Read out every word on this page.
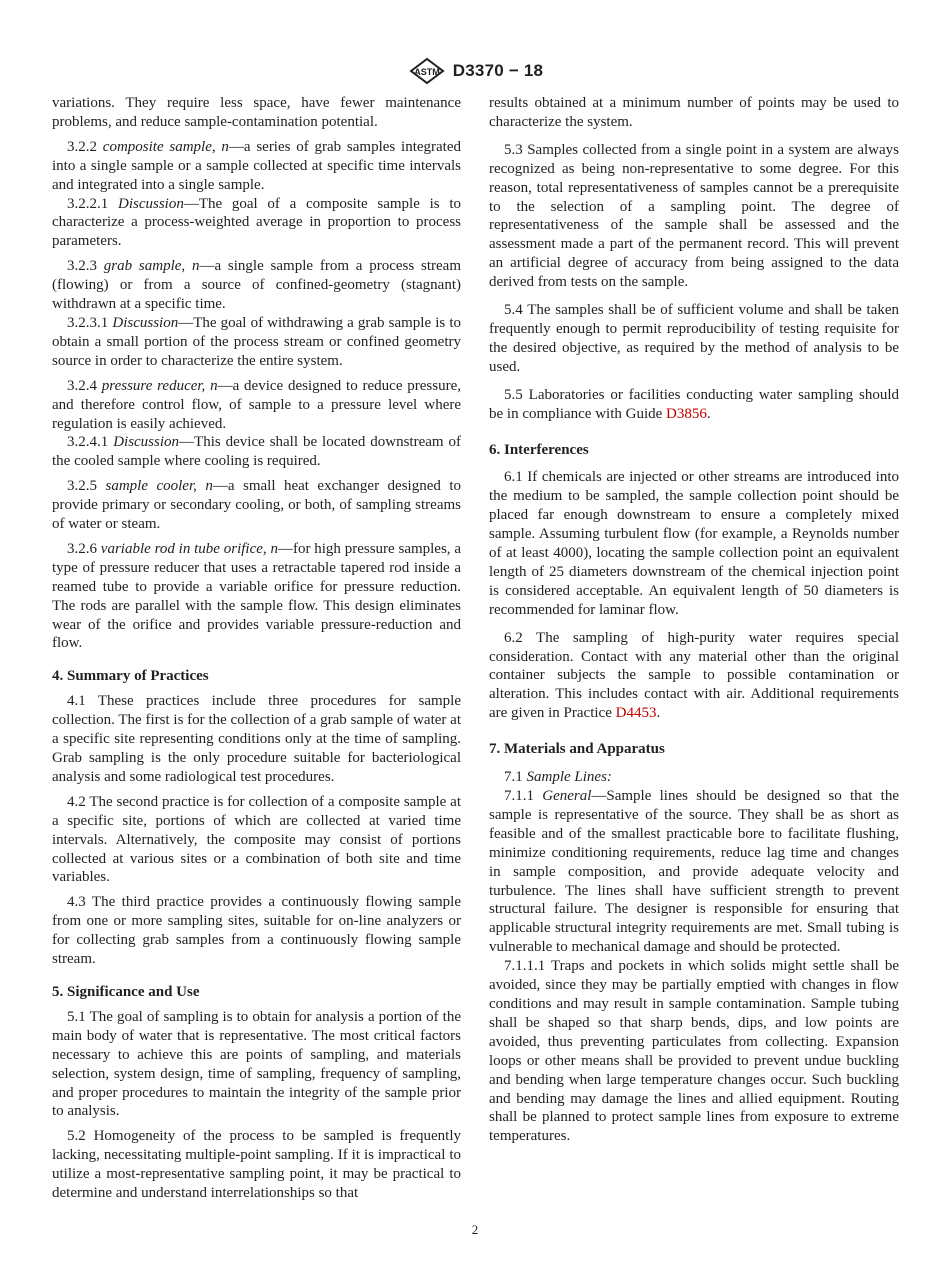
ASTM D3370 − 18

variations. They require less space, have fewer maintenance problems, and reduce sample-contamination potential.

3.2.2 composite sample, n—a series of grab samples integrated into a single sample or a sample collected at specific time intervals and integrated into a single sample.

3.2.2.1 Discussion—The goal of a composite sample is to characterize a process-weighted average in proportion to process parameters.

3.2.3 grab sample, n—a single sample from a process stream (flowing) or from a source of confined-geometry (stagnant) withdrawn at a specific time.

3.2.3.1 Discussion—The goal of withdrawing a grab sample is to obtain a small portion of the process stream or confined geometry source in order to characterize the entire system.

3.2.4 pressure reducer, n—a device designed to reduce pressure, and therefore control flow, of sample to a pressure level where regulation is easily achieved.

3.2.4.1 Discussion—This device shall be located downstream of the cooled sample where cooling is required.

3.2.5 sample cooler, n—a small heat exchanger designed to provide primary or secondary cooling, or both, of sampling streams of water or steam.

3.2.6 variable rod in tube orifice, n—for high pressure samples, a type of pressure reducer that uses a retractable tapered rod inside a reamed tube to provide a variable orifice for pressure reduction. The rods are parallel with the sample flow. This design eliminates wear of the orifice and provides variable pressure-reduction and flow.

4. Summary of Practices

4.1 These practices include three procedures for sample collection. The first is for the collection of a grab sample of water at a specific site representing conditions only at the time of sampling. Grab sampling is the only procedure suitable for bacteriological analysis and some radiological test procedures.

4.2 The second practice is for collection of a composite sample at a specific site, portions of which are collected at varied time intervals. Alternatively, the composite may consist of portions collected at various sites or a combination of both site and time variables.

4.3 The third practice provides a continuously flowing sample from one or more sampling sites, suitable for on-line analyzers or for collecting grab samples from a continuously flowing sample stream.

5. Significance and Use

5.1 The goal of sampling is to obtain for analysis a portion of the main body of water that is representative. The most critical factors necessary to achieve this are points of sampling, and materials selection, system design, time of sampling, frequency of sampling, and proper procedures to maintain the integrity of the sample prior to analysis.

5.2 Homogeneity of the process to be sampled is frequently lacking, necessitating multiple-point sampling. If it is impractical to utilize a most-representative sampling point, it may be practical to determine and understand interrelationships so that

results obtained at a minimum number of points may be used to characterize the system.

5.3 Samples collected from a single point in a system are always recognized as being non-representative to some degree. For this reason, total representativeness of samples cannot be a prerequisite to the selection of a sampling point. The degree of representativeness of the sample shall be assessed and the assessment made a part of the permanent record. This will prevent an artificial degree of accuracy from being assigned to the data derived from tests on the sample.

5.4 The samples shall be of sufficient volume and shall be taken frequently enough to permit reproducibility of testing requisite for the desired objective, as required by the method of analysis to be used.

5.5 Laboratories or facilities conducting water sampling should be in compliance with Guide D3856.

6. Interferences

6.1 If chemicals are injected or other streams are introduced into the medium to be sampled, the sample collection point should be placed far enough downstream to ensure a completely mixed sample. Assuming turbulent flow (for example, a Reynolds number of at least 4000), locating the sample collection point an equivalent length of 25 diameters downstream of the chemical injection point is considered acceptable. An equivalent length of 50 diameters is recommended for laminar flow.

6.2 The sampling of high-purity water requires special consideration. Contact with any material other than the original container subjects the sample to possible contamination or alteration. This includes contact with air. Additional requirements are given in Practice D4453.

7. Materials and Apparatus

7.1 Sample Lines:

7.1.1 General—Sample lines should be designed so that the sample is representative of the source. They shall be as short as feasible and of the smallest practicable bore to facilitate flushing, minimize conditioning requirements, reduce lag time and changes in sample composition, and provide adequate velocity and turbulence. The lines shall have sufficient strength to prevent structural failure. The designer is responsible for ensuring that applicable structural integrity requirements are met. Small tubing is vulnerable to mechanical damage and should be protected.

7.1.1.1 Traps and pockets in which solids might settle shall be avoided, since they may be partially emptied with changes in flow conditions and may result in sample contamination. Sample tubing shall be shaped so that sharp bends, dips, and low points are avoided, thus preventing particulates from collecting. Expansion loops or other means shall be provided to prevent undue buckling and bending when large temperature changes occur. Such buckling and bending may damage the lines and allied equipment. Routing shall be planned to protect sample lines from exposure to extreme temperatures.

2
